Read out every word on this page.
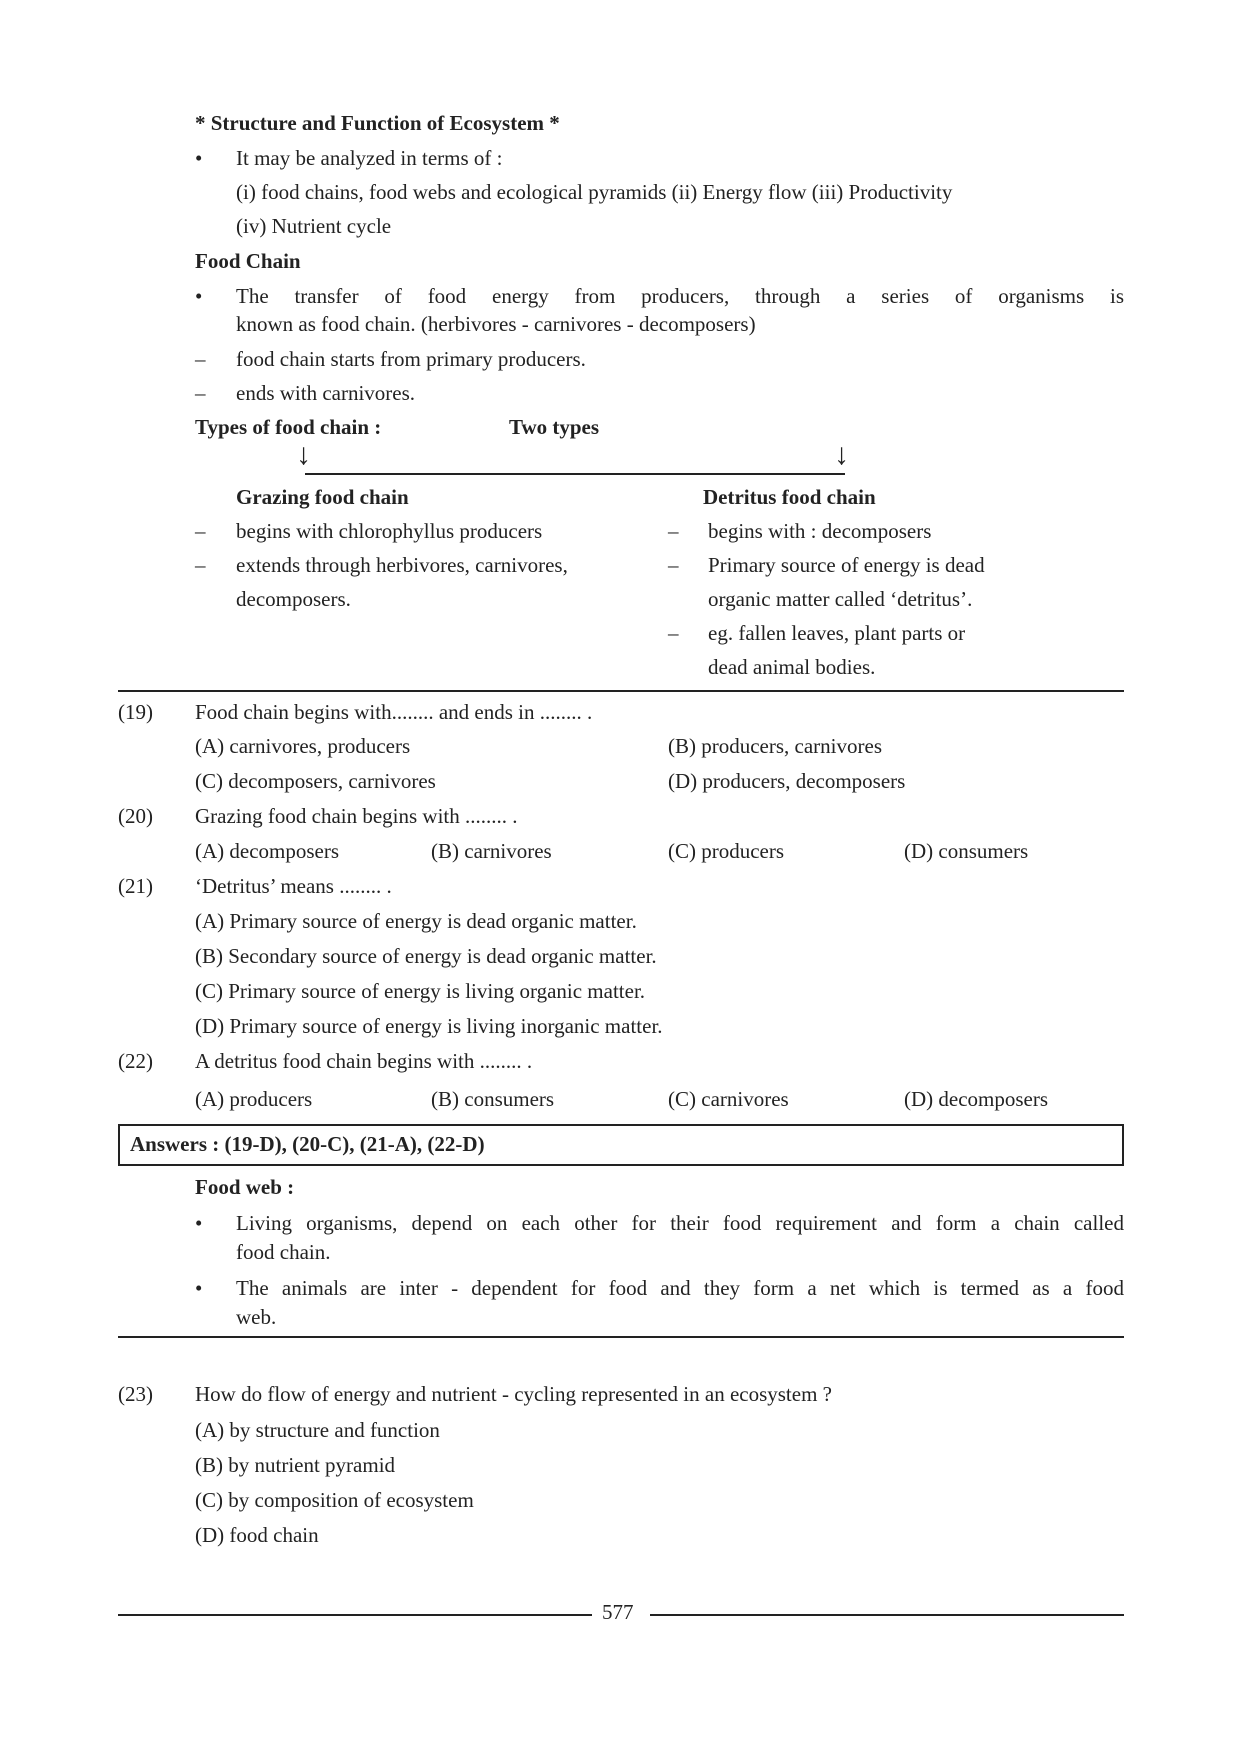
* Structure and Function of Ecosystem *
• It may be analyzed in terms of :
(i) food chains, food webs and ecological pyramids (ii) Energy flow (iii) Productivity
(iv) Nutrient cycle
Food Chain
• The transfer of food energy from producers, through a series of organisms is
known as food chain. (herbivores - carnivores - decomposers)
– food chain starts from primary producers.
– ends with carnivores.
Types of food chain :	Two types
↓	↓
Grazing food chain
– begins with chlorophyllus producers
– extends through herbivores, carnivores,
decomposers.
Detritus food chain
– begins with : decomposers
– Primary source of energy is dead
organic matter called ‘detritus’.
– eg. fallen leaves, plant parts or
dead animal bodies.
(19) Food chain begins with........ and ends in ........ .
(A) carnivores, producers	(B) producers, carnivores
(C) decomposers, carnivores	(D) producers, decomposers
(20) Grazing food chain begins with ........ .
(A) decomposers	(B) carnivores	(C) producers	(D) consumers
(21) ‘Detritus’ means ........ .
(A) Primary source of energy is dead organic matter.
(B) Secondary source of energy is dead organic matter.
(C) Primary source of energy is living organic matter.
(D) Primary source of energy is living inorganic matter.
(22) A detritus food chain begins with ........ .
(A) producers	(B) consumers	(C) carnivores	(D) decomposers
Answers : (19-D), (20-C), (21-A), (22-D)
Food web :
• Living organisms, depend on each other for their food requirement and form a chain called
food chain.
• The animals are inter - dependent for food and they form a net which is termed as a food
web.
(23) How do flow of energy and nutrient - cycling represented in an ecosystem ?
(A) by structure and function
(B) by nutrient pyramid
(C) by composition of ecosystem
(D) food chain
577
